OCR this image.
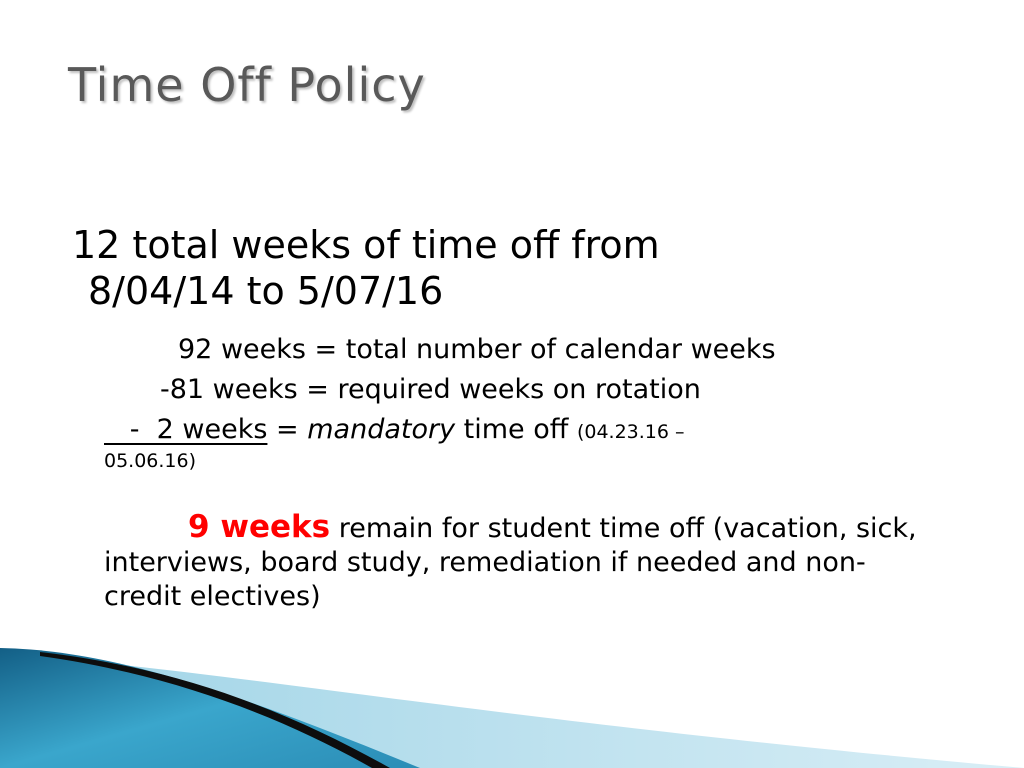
Time Off Policy
12 total weeks of time off from
8/04/14 to 5/07/16
92 weeks = total number of calendar weeks
-81 weeks = required weeks on rotation
-  2 weeks = mandatory time off (04.23.16 –
05.06.16)
9 weeks remain for student time off (vacation, sick, interviews, board study, remediation if needed and non-credit electives)
